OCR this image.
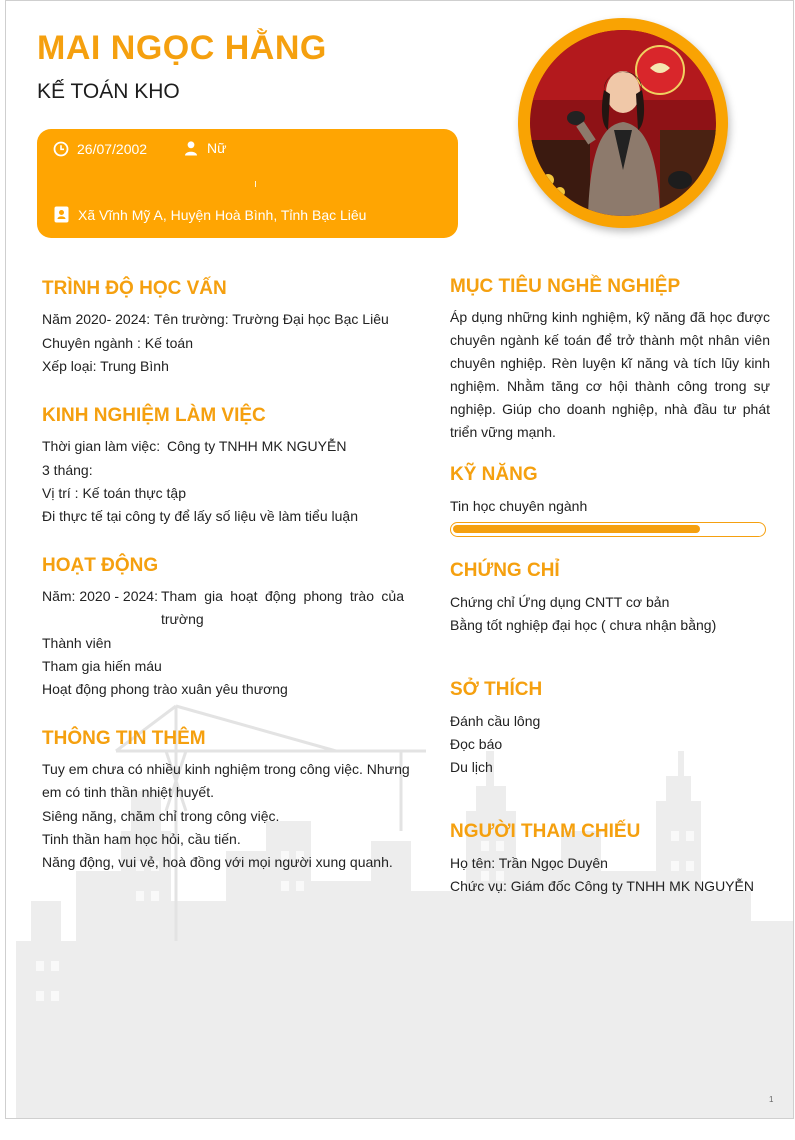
MAI NGỌC HẰNG
KẾ TOÁN KHO
26/07/2002	Nữ
Xã Vĩnh Mỹ A, Huyện Hoà Bình, Tỉnh Bạc Liêu
TRÌNH ĐỘ HỌC VẤN
Năm 2020- 2024: Tên trường: Trường Đại học Bạc Liêu
Chuyên ngành : Kế toán
Xếp loại: Trung Bình
KINH NGHIỆM LÀM VIỆC
Thời gian làm việc: Công ty TNHH MK NGUYỄN
3 tháng:
Vị trí : Kế toán thực tập
Đi thực tế tại công ty để lấy số liệu về làm tiểu luận
HOẠT ĐỘNG
Năm: 2020 - 2024: Tham gia hoạt động phong trào của trường
Thành viên
Tham gia hiến máu
Hoạt động phong trào xuân yêu thương
THÔNG TIN THÊM
Tuy em chưa có nhiều kinh nghiệm trong công việc. Nhưng em có tinh thần nhiệt huyết.
Siêng năng, chăm chỉ trong công việc.
Tinh thần ham học hỏi, cầu tiến.
Năng động, vui vẻ, hoà đồng với mọi người xung quanh.
MỤC TIÊU NGHỀ NGHIỆP
Áp dụng những kinh nghiệm, kỹ năng đã học được chuyên ngành kế toán để trở thành một nhân viên chuyên nghiệp. Rèn luyện kĩ năng và tích lũy kinh nghiệm. Nhằm tăng cơ hội thành công trong sự nghiệp. Giúp cho doanh nghiệp, nhà đầu tư phát triển vững mạnh.
KỸ NĂNG
Tin học chuyên ngành
CHỨNG CHỈ
Chứng chỉ Ứng dụng CNTT cơ bản
Bằng tốt nghiệp đại học ( chưa nhận bằng)
SỞ THÍCH
Đánh cầu lông
Đọc báo
Du lịch
NGƯỜI THAM CHIẾU
Họ tên: Trần Ngọc Duyên
Chức vụ: Giám đốc Công ty TNHH MK NGUYỄN
1
